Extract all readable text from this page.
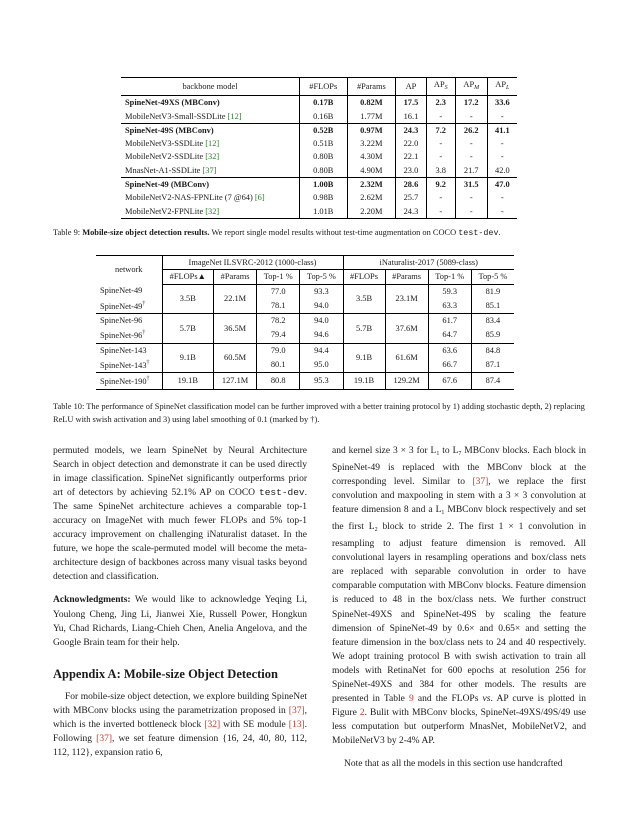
backbone model	#FLOPs	#Params	AP	$AP_S$	$AP_M$	$AP_L$
SpineNet-49XS (MBConv)	0.17B	0.82M	17.5	2.3	17.2	33.6
MobileNetV3-Small-SSDLite [12]	0.16B	1.77M	16.1	-	-	-
SpineNet-49S (MBConv)	0.52B	0.97M	24.3	7.2	26.2	41.1
MobileNetV3-SSDLite [12]	0.51B	3.22M	22.0	-	-	-
MobileNetV2-SSDLite [32]	0.80B	4.30M	22.1	-	-	-
MnasNet-A1-SSDLite [37]	0.80B	4.90M	23.0	3.8	21.7	42.0
SpineNet-49 (MBConv)	1.00B	2.32M	28.6	9.2	31.5	47.0
MobileNetV2-NAS-FPNLite (7 @64) [6]	0.98B	2.62M	25.7	-	-	-
MobileNetV2-FPNLite [32]	1.01B	2.20M	24.3	-	-	-
Table 9: Mobile-size object detection results. We report single model results without test-time augmentation on COCO test-dev.
network	ImageNet ILSVRC-2012 (1000-class)				iNaturalist-2017 (5089-class)			
	#FLOPs▲	#Params	Top-1 %	Top-5 %	#FLOPs	#Params	Top-1 %	Top-5 %
SpineNet-49	3.5B	22.1M	77.0	93.3	3.5B	23.1M	59.3	81.9
SpineNet-49†			78.1	94.0			63.3	85.1
SpineNet-96	5.7B	36.5M	78.2	94.0	5.7B	37.6M	61.7	83.4
SpineNet-96†			79.4	94.6			64.7	85.9
SpineNet-143	9.1B	60.5M	79.0	94.4	9.1B	61.6M	63.6	84.8
SpineNet-143†			80.1	95.0			66.7	87.1
SpineNet-190†	19.1B	127.1M	80.8	95.3	19.1B	129.2M	67.6	87.4
Table 10: The performance of SpineNet classification model can be further improved with a better training protocol by 1) adding stochastic depth, 2) replacing ReLU with swish activation and 3) using label smoothing of 0.1 (marked by †).

permuted models, we learn SpineNet by Neural Architecture Search in object detection and demonstrate it can be used directly in image classification. SpineNet significantly outperforms prior art of detectors by achieving 52.1% AP on COCO test-dev. The same SpineNet architecture achieves a comparable top-1 accuracy on ImageNet with much fewer FLOPs and 5% top-1 accuracy improvement on challenging iNaturalist dataset. In the future, we hope the scale-permuted model will become the meta-architecture design of backbones across many visual tasks beyond detection and classification.

Acknowledgments: We would like to acknowledge Yeqing Li, Youlong Cheng, Jing Li, Jianwei Xie, Russell Power, Hongkun Yu, Chad Richards, Liang-Chieh Chen, Anelia Angelova, and the Google Brain team for their help.

Appendix A: Mobile-size Object Detection

For mobile-size object detection, we explore building SpineNet with MBConv blocks using the parametrization proposed in [37], which is the inverted bottleneck block [32] with SE module [13]. Following [37], we set feature dimension {16, 24, 40, 80, 112, 112, 112}, expansion ratio 6,

and kernel size 3 × 3 for $L_1$ to $L_7$ MBConv blocks. Each block in SpineNet-49 is replaced with the MBConv block at the corresponding level. Similar to [37], we replace the first convolution and maxpooling in stem with a 3 × 3 convolution at feature dimension 8 and a $L_1$ MBConv block respectively and set the first $L_2$ block to stride 2. The first 1 × 1 convolution in resampling to adjust feature dimension is removed. All convolutional layers in resampling operations and box/class nets are replaced with separable convolution in order to have comparable computation with MBConv blocks. Feature dimension is reduced to 48 in the box/class nets. We further construct SpineNet-49XS and SpineNet-49S by scaling the feature dimension of SpineNet-49 by 0.6× and 0.65× and setting the feature dimension in the box/class nets to 24 and 40 respectively. We adopt training protocol B with swish activation to train all models with RetinaNet for 600 epochs at resolution 256 for SpineNet-49XS and 384 for other models. The results are presented in Table 9 and the FLOPs vs. AP curve is plotted in Figure 2. Bulit with MBConv blocks, SpineNet-49XS/49S/49 use less computation but outperform MnasNet, MobileNetV2, and MobileNetV3 by 2-4% AP.

Note that as all the models in this section use handcrafted
